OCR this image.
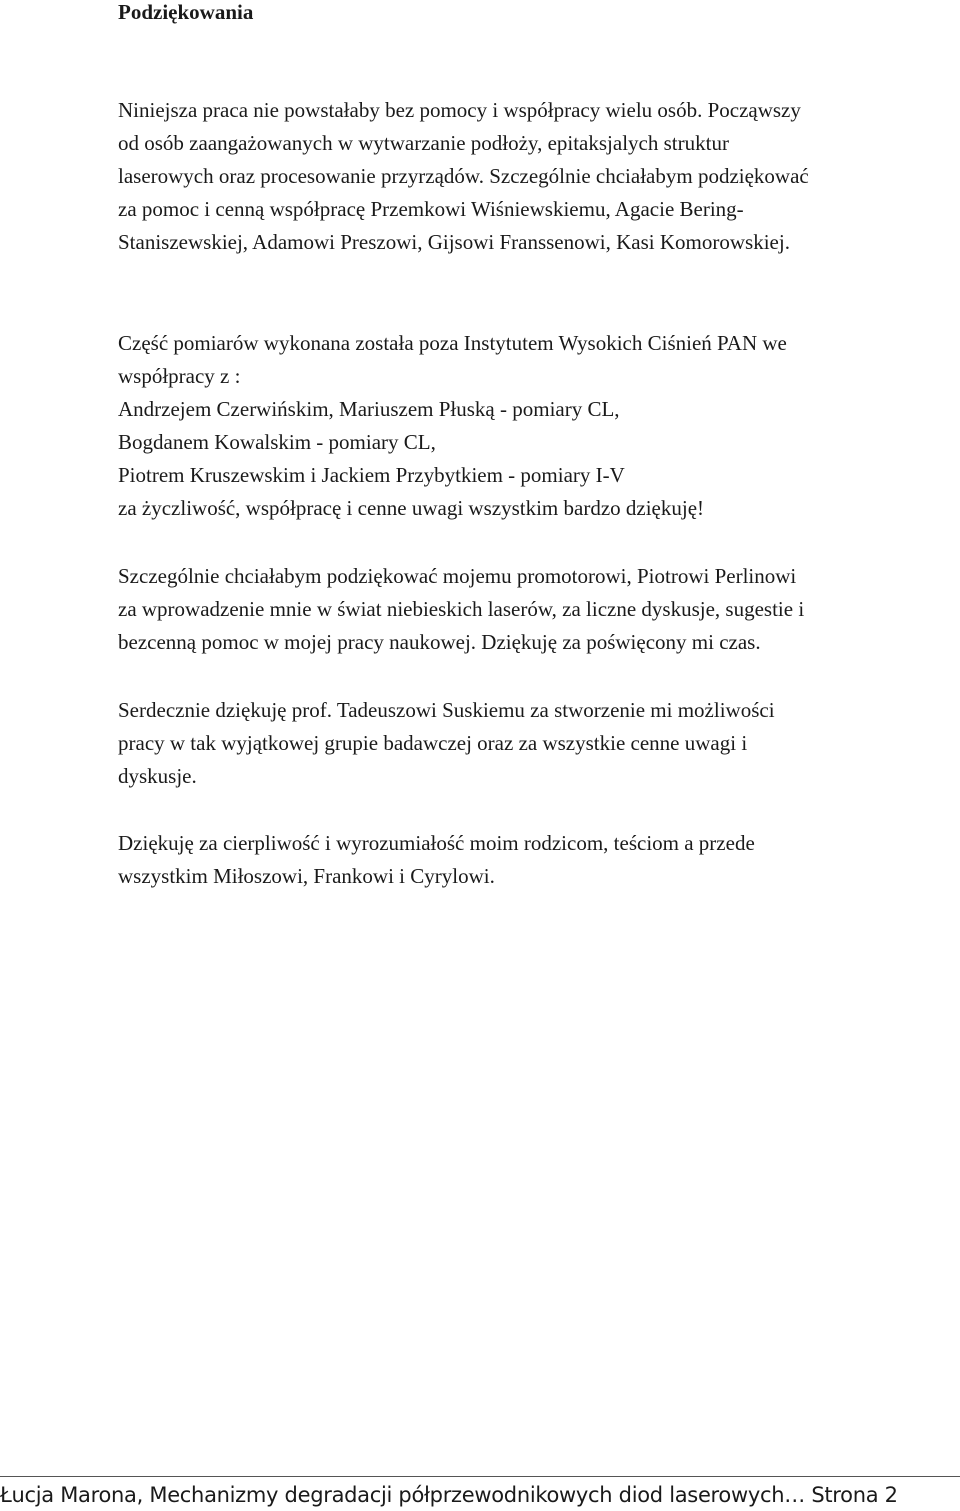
Podziękowania
Niniejsza praca nie powstałaby bez pomocy i współpracy wielu osób. Począwszy
od osób zaangażowanych w wytwarzanie podłoży, epitaksjalych struktur
laserowych oraz procesowanie przyrządów. Szczególnie chciałabym podziękować
za pomoc i cenną współpracę Przemkowi Wiśniewskiemu, Agacie Bering-
Staniszewskiej, Adamowi Preszowi, Gijsowi Franssenowi, Kasi Komorowskiej.
Część pomiarów wykonana została poza Instytutem Wysokich Ciśnień PAN we
współpracy z :
Andrzejem Czerwińskim, Mariuszem Płuską - pomiary CL,
Bogdanem Kowalskim - pomiary CL,
Piotrem Kruszewskim i Jackiem Przybytkiem - pomiary I-V
za życzliwość, współpracę i cenne uwagi wszystkim bardzo dziękuję!
Szczególnie chciałabym podziękować mojemu promotorowi, Piotrowi Perlinowi
za wprowadzenie mnie w świat niebieskich laserów, za liczne dyskusje, sugestie i
bezcenną pomoc w mojej pracy naukowej. Dziękuję za poświęcony mi czas.
Serdecznie dziękuję prof. Tadeuszowi Suskiemu za stworzenie mi możliwości
pracy w tak wyjątkowej grupie badawczej oraz za wszystkie cenne uwagi i
dyskusje.
Dziękuję za cierpliwość i wyrozumiałość moim rodzicom, teściom a przede
wszystkim Miłoszowi, Frankowi i Cyrylowi.
Łucja Marona, Mechanizmy degradacji półprzewodnikowych diod laserowych… Strona 2
